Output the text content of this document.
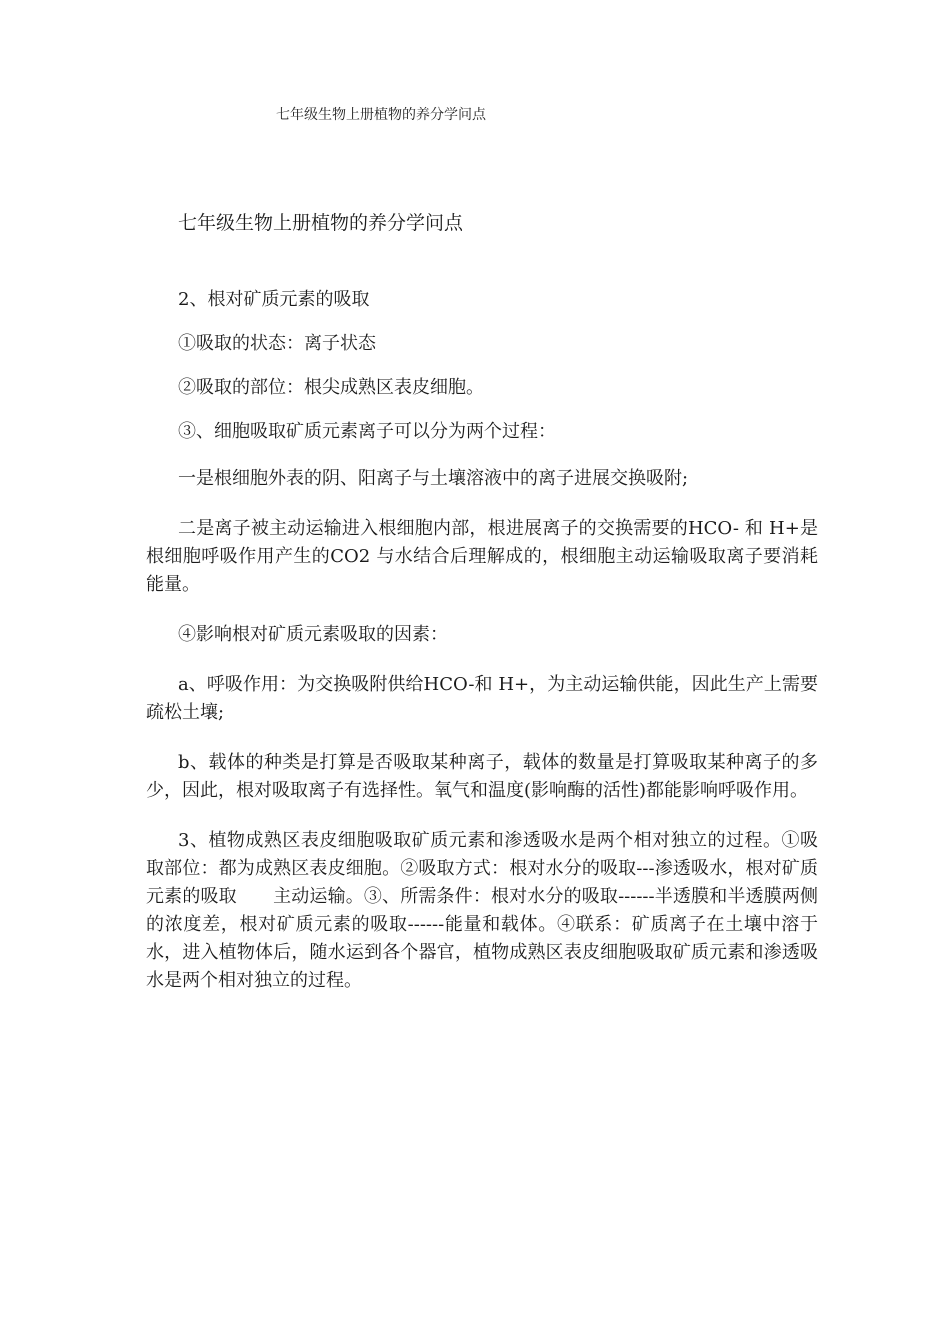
七年级生物上册植物的养分学问点
七年级生物上册植物的养分学问点

2、根对矿质元素的吸取

①吸取的状态：离子状态

②吸取的部位：根尖成熟区表皮细胞。

③、细胞吸取矿质元素离子可以分为两个过程：

一是根细胞外表的阴、阳离子与土壤溶液中的离子进展交换吸附;

二是离子被主动运输进入根细胞内部，根进展离子的交换需要的HCO- 和 H+是根细胞呼吸作用产生的CO2 与水结合后理解成的，根细胞主动运输吸取离子要消耗能量。

④影响根对矿质元素吸取的因素：

a、呼吸作用：为交换吸附供给HCO-和 H+，为主动运输供能，因此生产上需要疏松土壤;

b、载体的种类是打算是否吸取某种离子，载体的数量是打算吸取某种离子的多少，因此，根对吸取离子有选择性。氧气和温度(影响酶的活性)都能影响呼吸作用。

3、植物成熟区表皮细胞吸取矿质元素和渗透吸水是两个相对独立的过程。①吸取部位：都为成熟区表皮细胞。②吸取方式：根对水分的吸取---渗透吸水，根对矿质元素的吸取　　主动运输。③、所需条件：根对水分的吸取------半透膜和半透膜两侧的浓度差，根对矿质元素的吸取------能量和载体。④联系：矿质离子在土壤中溶于水，进入植物体后，随水运到各个器官，植物成熟区表皮细胞吸取矿质元素和渗透吸水是两个相对独立的过程。
